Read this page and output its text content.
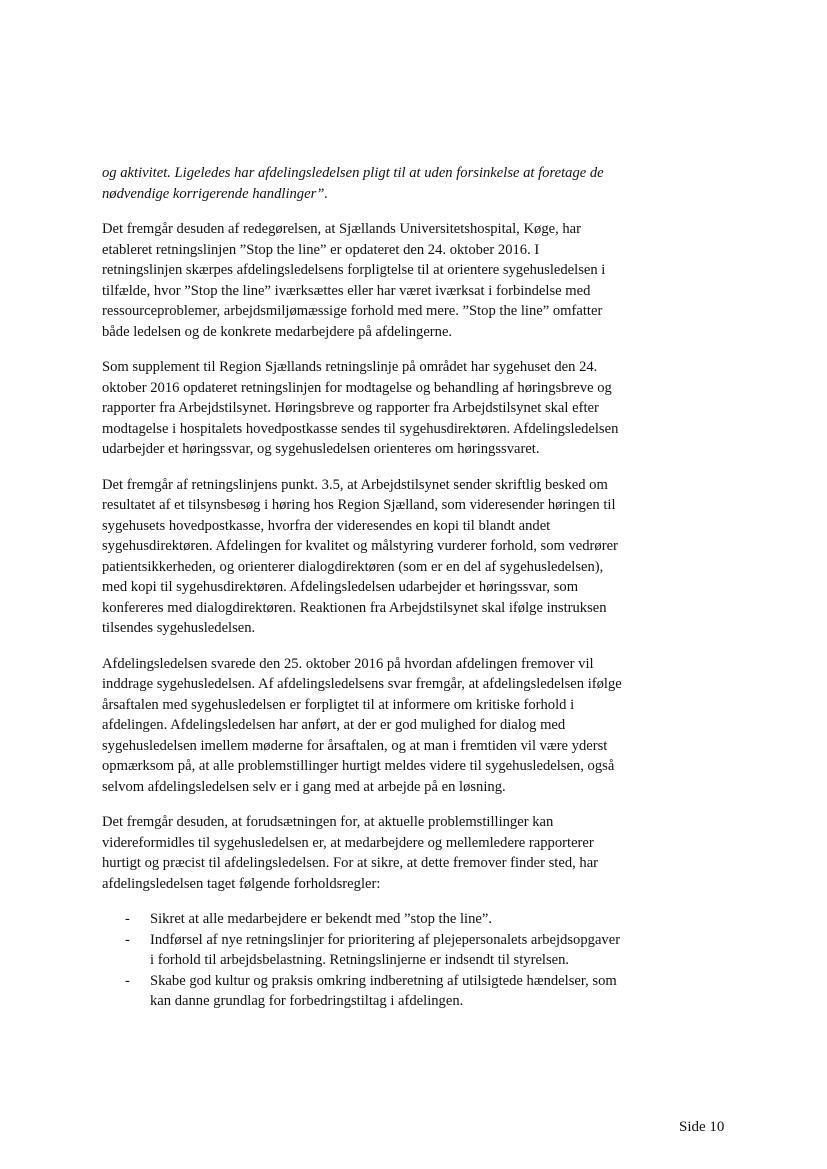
og aktivitet. Ligeledes har afdelingsledelsen pligt til at uden forsinkelse at foretage de nødvendige korrigerende handlinger”.

Det fremgår desuden af redegørelsen, at Sjællands Universitetshospital, Køge, har etableret retningslinjen ”Stop the line” er opdateret den 24. oktober 2016. I retningslinjen skærpes afdelingsledelsens forpligtelse til at orientere sygehusledelsen i tilfælde, hvor ”Stop the line” iværksættes eller har været iværksat i forbindelse med ressourceproblemer, arbejdsmiljømæssige forhold med mere. ”Stop the line” omfatter både ledelsen og de konkrete medarbejdere på afdelingerne.

Som supplement til Region Sjællands retningslinje på området har sygehuset den 24. oktober 2016 opdateret retningslinjen for modtagelse og behandling af høringsbreve og rapporter fra Arbejdstilsynet. Høringsbreve og rapporter fra Arbejdstilsynet skal efter modtagelse i hospitalets hovedpostkasse sendes til sygehusdirektøren. Afdelingsledelsen udarbejder et høringssvar, og sygehusledelsen orienteres om høringssvaret.

Det fremgår af retningslinjens punkt. 3.5, at Arbejdstilsynet sender skriftlig besked om resultatet af et tilsynsbesøg i høring hos Region Sjælland, som videresender høringen til sygehusets hovedpostkasse, hvorfra der videresendes en kopi til blandt andet sygehusdirektøren. Afdelingen for kvalitet og målstyring vurderer forhold, som vedrører patientsikkerheden, og orienterer dialogdirektøren (som er en del af sygehusledelsen), med kopi til sygehusdirektøren. Afdelingsledelsen udarbejder et høringssvar, som konfereres med dialogdirektøren. Reaktionen fra Arbejdstilsynet skal ifølge instruksen tilsendes sygehusledelsen.

Afdelingsledelsen svarede den 25. oktober 2016 på hvordan afdelingen fremover vil inddrage sygehusledelsen. Af afdelingsledelsens svar fremgår, at afdelingsledelsen ifølge årsaftalen med sygehusledelsen er forpligtet til at informere om kritiske forhold i afdelingen. Afdelingsledelsen har anført, at der er god mulighed for dialog med sygehusledelsen imellem møderne for årsaftalen, og at man i fremtiden vil være yderst opmærksom på, at alle problemstillinger hurtigt meldes videre til sygehusledelsen, også selvom afdelingsledelsen selv er i gang med at arbejde på en løsning.

Det fremgår desuden, at forudsætningen for, at aktuelle problemstillinger kan videreformidles til sygehusledelsen er, at medarbejdere og mellemledere rapporterer hurtigt og præcist til afdelingsledelsen. For at sikre, at dette fremover finder sted, har afdelingsledelsen taget følgende forholdsregler:

- Sikret at alle medarbejdere er bekendt med ”stop the line”.
- Indførsel af nye retningslinjer for prioritering af plejepersonalets arbejdsopgaver i forhold til arbejdsbelastning. Retningslinjerne er indsendt til styrelsen.
- Skabe god kultur og praksis omkring indberetning af utilsigtede hændelser, som kan danne grundlag for forbedringstiltag i afdelingen.
Side 10
